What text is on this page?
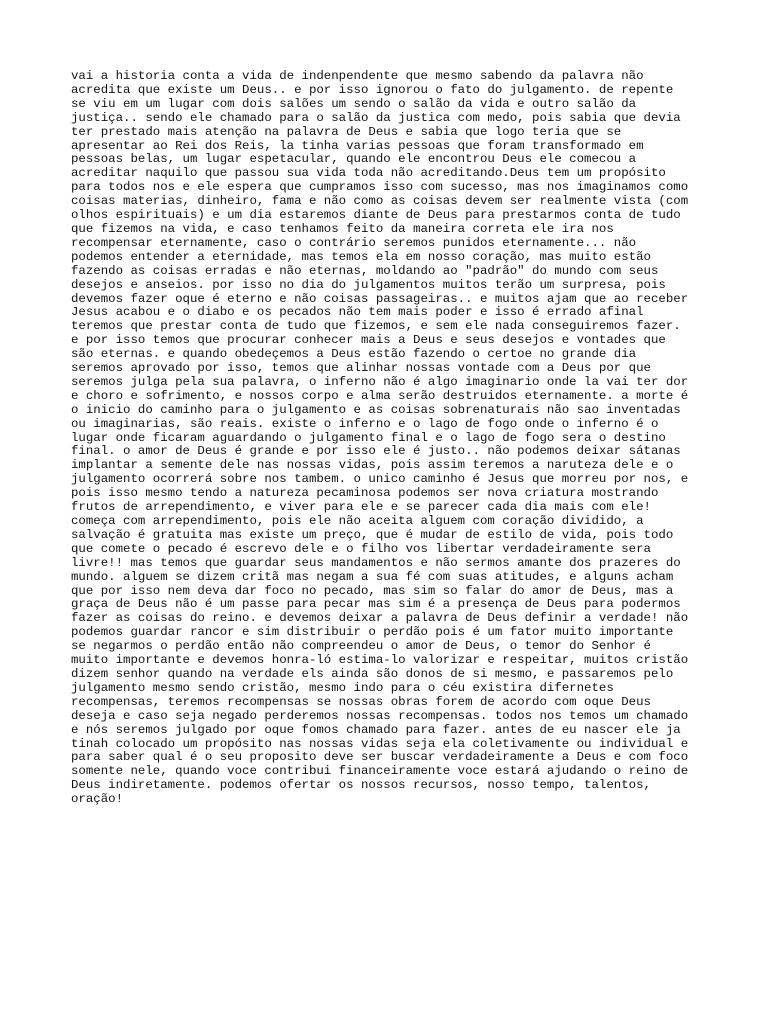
vai a historia conta a vida de indenpendente que mesmo sabendo da palavra não
acredita que existe um Deus.. e por isso ignorou o fato do julgamento. de repente
se viu em um lugar com dois salões um sendo o salão da vida e outro salão da
justiça.. sendo ele chamado para o salão da justica com medo, pois sabia que devia
ter prestado mais atenção na palavra de Deus e sabia que logo teria que se
apresentar ao Rei dos Reis, la tinha varias pessoas que foram transformado em
pessoas belas, um lugar espetacular, quando ele encontrou Deus ele comecou a
acreditar naquilo que passou sua vida toda não acreditando.Deus tem um propósito
para todos nos e ele espera que cumpramos isso com sucesso, mas nos imaginamos como
coisas materias, dinheiro, fama e não como as coisas devem ser realmente vista (com
olhos espirituais) e um dia estaremos diante de Deus para prestarmos conta de tudo
que fizemos na vida, e caso tenhamos feito da maneira correta ele ira nos
recompensar eternamente, caso o contrário seremos punidos eternamente... não
podemos entender a eternidade, mas temos ela em nosso coração, mas muito estão
fazendo as coisas erradas e não eternas, moldando ao "padrão" do mundo com seus
desejos e anseios. por isso no dia do julgamentos muitos terão um surpresa, pois
devemos fazer oque é eterno e não coisas passageiras.. e muitos ajam que ao receber
Jesus acabou e o diabo e os pecados não tem mais poder e isso é errado afinal
teremos que prestar conta de tudo que fizemos, e sem ele nada conseguiremos fazer.
e por isso temos que procurar conhecer mais a Deus e seus desejos e vontades que
são eternas. e quando obedeçemos a Deus estão fazendo o certoe no grande dia
seremos aprovado por isso, temos que alinhar nossas vontade com a Deus por que
seremos julga pela sua palavra, o inferno não é algo imaginario onde la vai ter dor
e choro e sofrimento, e nossos corpo e alma serão destruidos eternamente. a morte é
o inicio do caminho para o julgamento e as coisas sobrenaturais não sao inventadas
ou imaginarias, são reais. existe o inferno e o lago de fogo onde o inferno é o
lugar onde ficaram aguardando o julgamento final e o lago de fogo sera o destino
final. o amor de Deus é grande e por isso ele é justo.. não podemos deixar sátanas
implantar a semente dele nas nossas vidas, pois assim teremos a naruteza dele e o
julgamento ocorrerá sobre nos tambem. o unico caminho é Jesus que morreu por nos, e
pois isso mesmo tendo a natureza pecaminosa podemos ser nova criatura mostrando
frutos de arrependimento, e viver para ele e se parecer cada dia mais com ele!
começa com arrependimento, pois ele não aceita alguem com coração dividido, a
salvação é gratuita mas existe um preço, que é mudar de estilo de vida, pois todo
que comete o pecado é escrevo dele e o filho vos libertar verdadeiramente sera
livre!! mas temos que guardar seus mandamentos e não sermos amante dos prazeres do
mundo. alguem se dizem critã mas negam a sua fé com suas atitudes, e alguns acham
que por isso nem deva dar foco no pecado, mas sim so falar do amor de Deus, mas a
graça de Deus não é um passe para pecar mas sim é a presença de Deus para podermos
fazer as coisas do reino. e devemos deixar a palavra de Deus definir a verdade! não
podemos guardar rancor e sim distribuir o perdão pois é um fator muito importante
se negarmos o perdão então não compreendeu o amor de Deus, o temor do Senhor é
muito importante e devemos honra-ló estima-lo valorizar e respeitar, muitos cristão
dizem senhor quando na verdade els ainda são donos de si mesmo, e passaremos pelo
julgamento mesmo sendo cristão, mesmo indo para o céu existira difernetes
recompensas, teremos recompensas se nossas obras forem de acordo com oque Deus
deseja e caso seja negado perderemos nossas recompensas. todos nos temos um chamado
e nós seremos julgado por oque fomos chamado para fazer. antes de eu nascer ele ja
tinah colocado um propósito nas nossas vidas seja ela coletivamente ou individual e
para saber qual é o seu proposito deve ser buscar verdadeiramente a Deus e com foco
somente nele, quando voce contribui financeiramente voce estará ajudando o reino de
Deus indiretamente. podemos ofertar os nossos recursos, nosso tempo, talentos,
oração!
